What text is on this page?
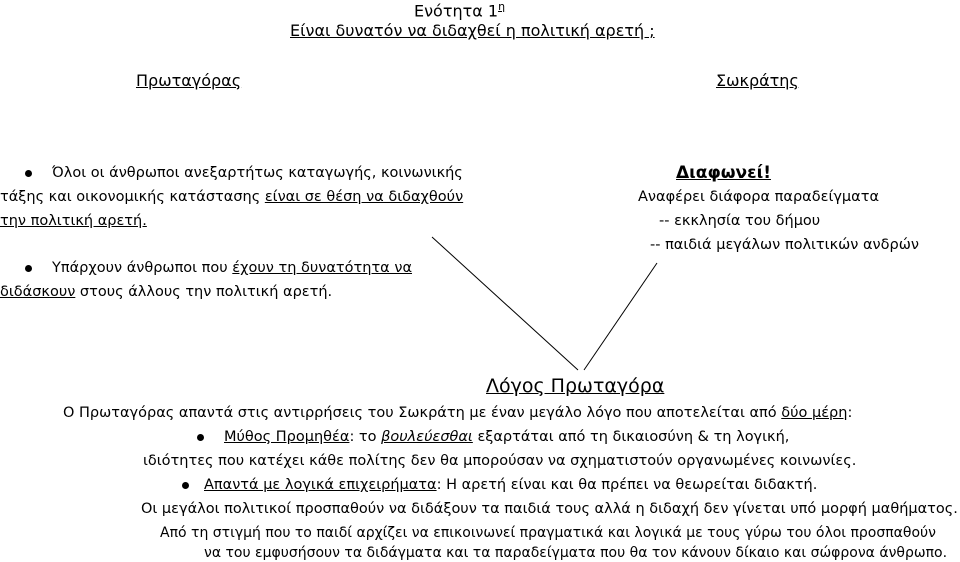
Ενότητα $1^\eta$
Είναι δυνατόν να διδαχθεί η πολιτική αρετή ;
Πρωταγόρας	Σωκράτης
Όλοι οι άνθρωποι ανεξαρτήτως καταγωγής, κοινωνικής
τάξης και οικονομικής κατάστασης είναι σε θέση να διδαχθούν
την πολιτική αρετή.
Υπάρχουν άνθρωποι που έχουν τη δυνατότητα να
διδάσκουν στους άλλους την πολιτική αρετή.
Διαφωνεί!
Αναφέρει διάφορα παραδείγματα
-- εκκλησία του δήμου
-- παιδιά μεγάλων πολιτικών ανδρών
Λόγος Πρωταγόρα
Ο Πρωταγόρας απαντά στις αντιρρήσεις του Σωκράτη με έναν μεγάλο λόγο που αποτελείται από δύο μέρη:
Μύθος Προμηθέα: το βουλεύεσθαι εξαρτάται από τη δικαιοσύνη & τη λογική,
ιδιότητες που κατέχει κάθε πολίτης δεν θα μπορούσαν να σχηματιστούν οργανωμένες κοινωνίες.
Απαντά με λογικά επιχειρήματα: Η αρετή είναι και θα πρέπει να θεωρείται διδακτή.
Οι μεγάλοι πολιτικοί προσπαθούν να διδάξουν τα παιδιά τους αλλά η διδαχή δεν γίνεται υπό μορφή μαθήματος.
Από τη στιγμή που το παιδί αρχίζει να επικοινωνεί πραγματικά και λογικά με τους γύρω του όλοι προσπαθούν
να του εμφυσήσουν τα διδάγματα και τα παραδείγματα που θα τον κάνουν δίκαιο και σώφρονα άνθρωπο.
